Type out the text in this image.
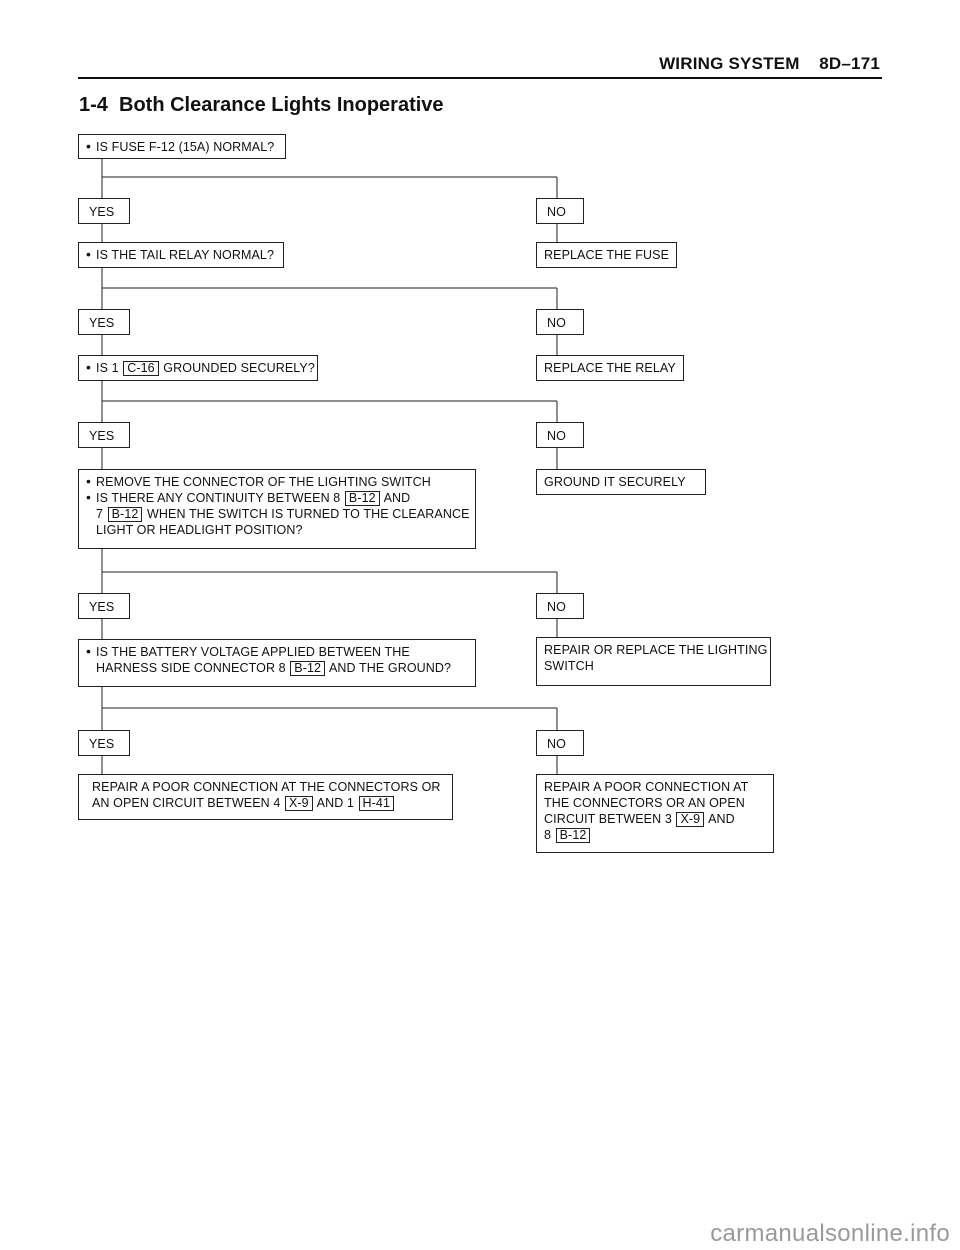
WIRING SYSTEM    8D–171
1-4  Both Clearance Lights Inoperative
• IS FUSE F-12 (15A) NORMAL?
YES	NO
REPLACE THE FUSE
• IS THE TAIL RELAY NORMAL?
YES	NO
REPLACE THE RELAY
• IS 1 C-16 GROUNDED SECURELY?
YES	NO
GROUND IT SECURELY
• REMOVE THE CONNECTOR OF THE LIGHTING SWITCH
• IS THERE ANY CONTINUITY BETWEEN 8 B-12 AND
7 B-12 WHEN THE SWITCH IS TURNED TO THE CLEARANCE
LIGHT OR HEADLIGHT POSITION?
YES	NO
REPAIR OR REPLACE THE LIGHTING
SWITCH
• IS THE BATTERY VOLTAGE APPLIED BETWEEN THE
HARNESS SIDE CONNECTOR 8 B-12 AND THE GROUND?
YES	NO
REPAIR A POOR CONNECTION AT THE CONNECTORS OR
AN OPEN CIRCUIT BETWEEN 4 X-9 AND 1 H-41
REPAIR A POOR CONNECTION AT
THE CONNECTORS OR AN OPEN
CIRCUIT BETWEEN 3 X-9 AND
8 B-12
carmanualsonline.info
